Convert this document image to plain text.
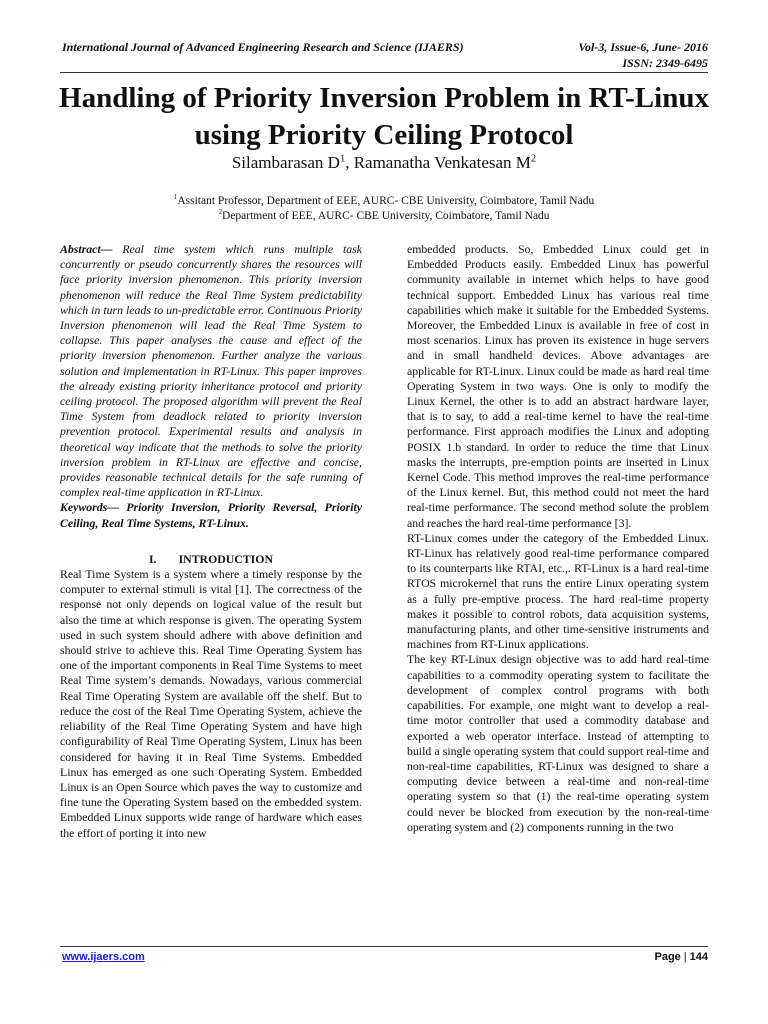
International Journal of Advanced Engineering Research and Science (IJAERS)	Vol-3, Issue-6, June- 2016
ISSN: 2349-6495
Handling of Priority Inversion Problem in RT-Linux using Priority Ceiling Protocol
Silambarasan $D^1$, Ramanatha Venkatesan $M^2$
$^1$Assitant Professor, Department of EEE, AURC- CBE University, Coimbatore, Tamil Nadu
$^2$Department of EEE, AURC- CBE University, Coimbatore, Tamil Nadu

Abstract— Real time system which runs multiple task concurrently or pseudo concurrently shares the resources will face priority inversion phenomenon. This priority inversion phenomenon will reduce the Real Time System predictability which in turn leads to un-predictable error. Continuous Priority Inversion phenomenon will lead the Real Time System to collapse. This paper analyses the cause and effect of the priority inversion phenomenon. Further analyze the various solution and implementation in RT-Linux. This paper improves the already existing priority inheritance protocol and priority ceiling protocol. The proposed algorithm will prevent the Real Time System from deadlock related to priority inversion prevention protocol. Experimental results and analysis in theoretical way indicate that the methods to solve the priority inversion problem in RT-Linux are effective and concise, provides reasonable technical details for the safe running of complex real-time application in RT-Linux.

Keywords— Priority Inversion, Priority Reversal, Priority Ceiling, Real Time Systems, RT-Linux.

I. INTRODUCTION

Real Time System is a system where a timely response by the computer to external stimuli is vital [1]. The correctness of the response not only depends on logical value of the result but also the time at which response is given. The operating System used in such system should adhere with above definition and should strive to achieve this. Real Time Operating System has one of the important components in Real Time Systems to meet Real Time system’s demands. Nowadays, various commercial Real Time Operating System are available off the shelf. But to reduce the cost of the Real Time Operating System, achieve the reliability of the Real Time Operating System and have high configurability of Real Time Operating System, Linux has been considered for having it in Real Time Systems. Embedded Linux has emerged as one such Operating System. Embedded Linux is an Open Source which paves the way to customize and fine tune the Operating System based on the embedded system. Embedded Linux supports wide range of hardware which eases the effort of porting it into new

embedded products. So, Embedded Linux could get in Embedded Products easily. Embedded Linux has powerful community available in internet which helps to have good technical support. Embedded Linux has various real time capabilities which make it suitable for the Embedded Systems. Moreover, the Embedded Linux is available in free of cost in most scenarios. Linux has proven its existence in huge servers and in small handheld devices. Above advantages are applicable for RT-Linux. Linux could be made as hard real time Operating System in two ways. One is only to modify the Linux Kernel, the other is to add an abstract hardware layer, that is to say, to add a real-time kernel to have the real-time performance. First approach modifies the Linux and adopting POSIX 1.b standard. In order to reduce the time that Linux masks the interrupts, pre-emption points are inserted in Linux Kernel Code. This method improves the real-time performance of the Linux kernel. But, this method could not meet the hard real-time performance. The second method solute the problem and reaches the hard real-time performance [3].

RT-Linux comes under the category of the Embedded Linux. RT-Linux has relatively good real-time performance compared to its counterparts like RTAI, etc.,. RT-Linux is a hard real-time RTOS microkernel that runs the entire Linux operating system as a fully pre-emptive process. The hard real-time property makes it possible to control robots, data acquisition systems, manufacturing plants, and other time-sensitive instruments and machines from RT-Linux applications.

The key RT-Linux design objective was to add hard real-time capabilities to a commodity operating system to facilitate the development of complex control programs with both capabilities. For example, one might want to develop a real-time motor controller that used a commodity database and exported a web operator interface. Instead of attempting to build a single operating system that could support real-time and non-real-time capabilities, RT-Linux was designed to share a computing device between a real-time and non-real-time operating system so that (1) the real-time operating system could never be blocked from execution by the non-real-time operating system and (2) components running in the two

www.ijaers.com	Page | 144
